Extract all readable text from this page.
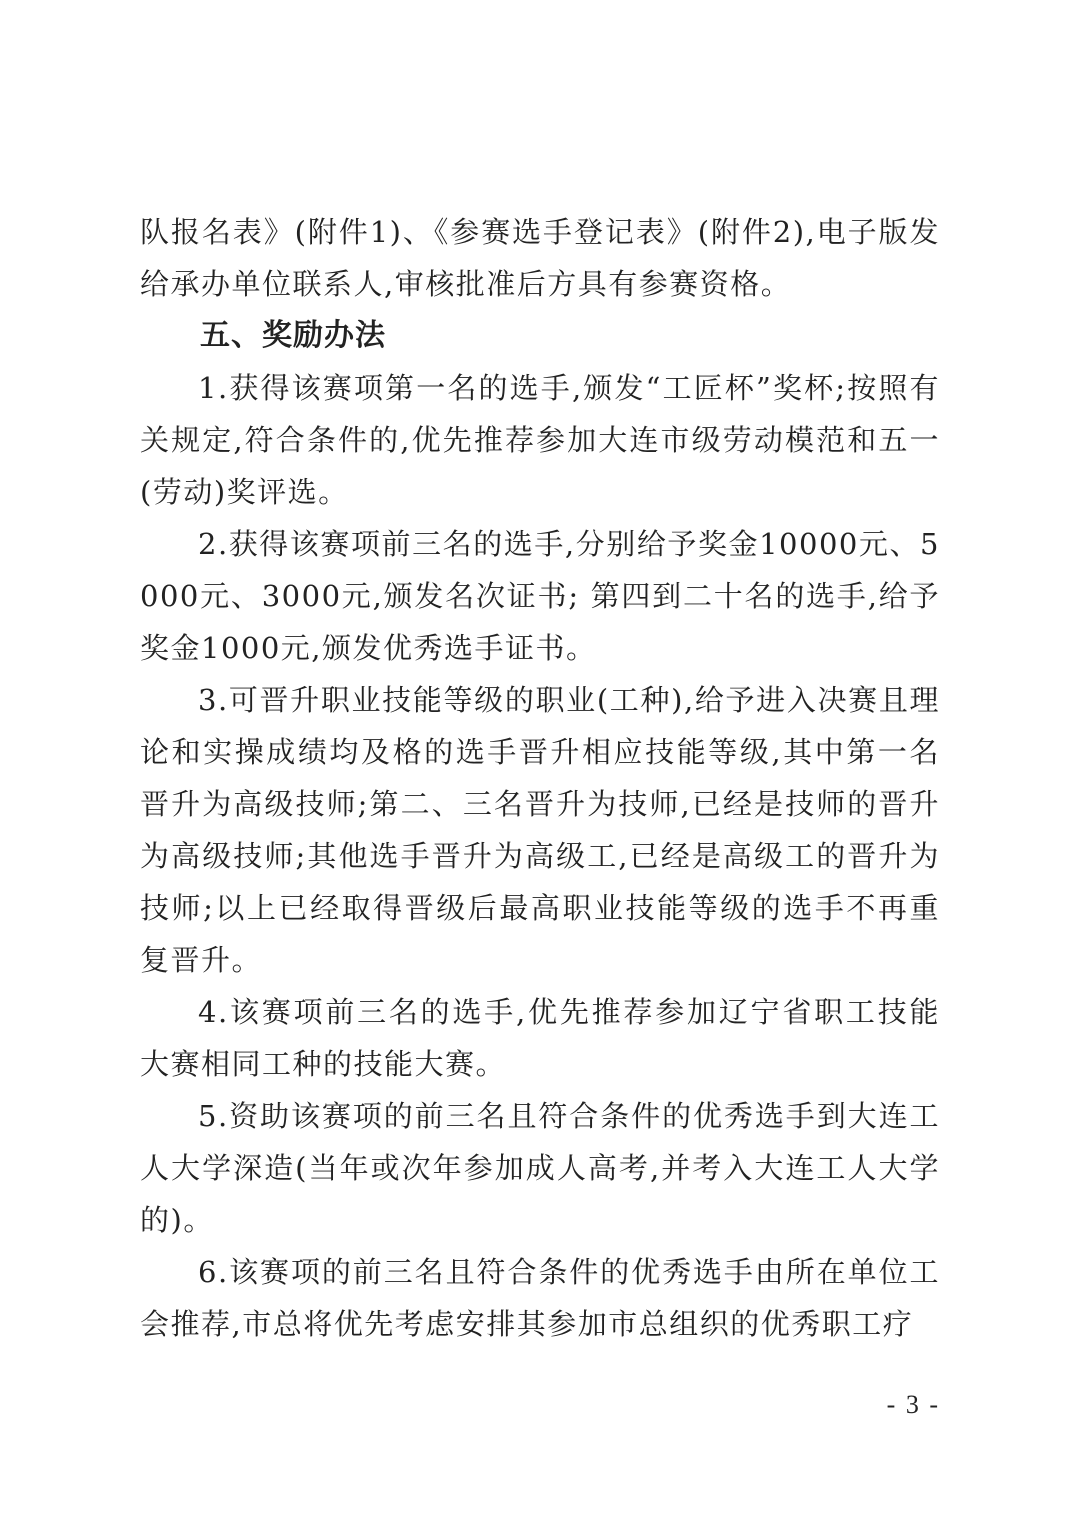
队报名表》(附件1)、《参赛选手登记表》(附件2),电子版发给承办单位联系人,审核批准后方具有参赛资格。

五、奖励办法

1.获得该赛项第一名的选手,颁发“工匠杯”奖杯;按照有关规定,符合条件的,优先推荐参加大连市级劳动模范和五一(劳动)奖评选。

2.获得该赛项前三名的选手,分别给予奖金10000元、5000元、3000元,颁发名次证书; 第四到二十名的选手,给予奖金1000元,颁发优秀选手证书。

3.可晋升职业技能等级的职业(工种),给予进入决赛且理论和实操成绩均及格的选手晋升相应技能等级,其中第一名晋升为高级技师;第二、三名晋升为技师,已经是技师的晋升为高级技师;其他选手晋升为高级工,已经是高级工的晋升为技师;以上已经取得晋级后最高职业技能等级的选手不再重复晋升。

4.该赛项前三名的选手,优先推荐参加辽宁省职工技能大赛相同工种的技能大赛。

5.资助该赛项的前三名且符合条件的优秀选手到大连工人大学深造(当年或次年参加成人高考,并考入大连工人大学的)。

6.该赛项的前三名且符合条件的优秀选手由所在单位工会推荐,市总将优先考虑安排其参加市总组织的优秀职工疗

- 3 -
